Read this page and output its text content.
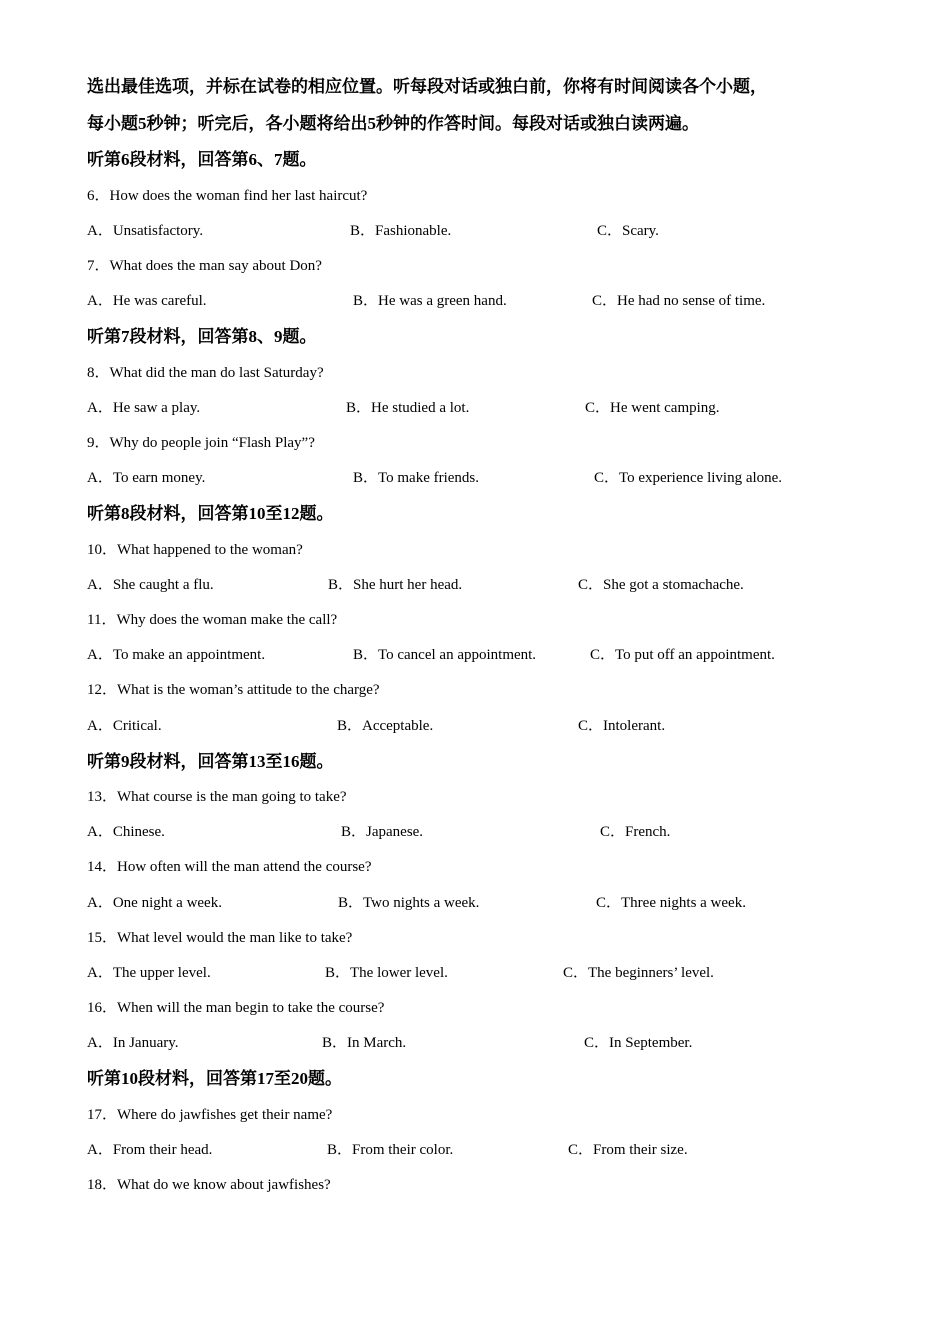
选出最佳选项，并标在试卷的相应位置。听每段对话或独白前，你将有时间阅读各个小题，
每小题5秒钟；听完后，各小题将给出5秒钟的作答时间。每段对话或独白读两遍。
听第6段材料，回答第6、7题。
6．How does the woman find her last haircut?
A．Unsatisfactory.	B．Fashionable.	C．Scary.
7．What does the man say about Don?
A．He was careful.	B．He was a green hand.	C．He had no sense of time.
听第7段材料，回答第8、9题。
8．What did the man do last Saturday?
A．He saw a play.	B．He studied a lot.	C．He went camping.
9．Why do people join “Flash Play”?
A．To earn money.	B．To make friends.	C．To experience living alone.
听第8段材料，回答第10至12题。
10．What happened to the woman?
A．She caught a flu.	B．She hurt her head.	C．She got a stomachache.
11．Why does the woman make the call?
A．To make an appointment.	B．To cancel an appointment.	C．To put off an appointment.
12．What is the woman’s attitude to the charge?
A．Critical.	B．Acceptable.	C．Intolerant.
听第9段材料，回答第13至16题。
13．What course is the man going to take?
A．Chinese.	B．Japanese.	C．French.
14．How often will the man attend the course?
A．One night a week.	B．Two nights a week.	C．Three nights a week.
15．What level would the man like to take?
A．The upper level.	B．The lower level.	C．The beginners’ level.
16．When will the man begin to take the course?
A．In January.	B．In March.	C．In September.
听第10段材料，回答第17至20题。
17．Where do jawfishes get their name?
A．From their head.	B．From their color.	C．From their size.
18．What do we know about jawfishes?
